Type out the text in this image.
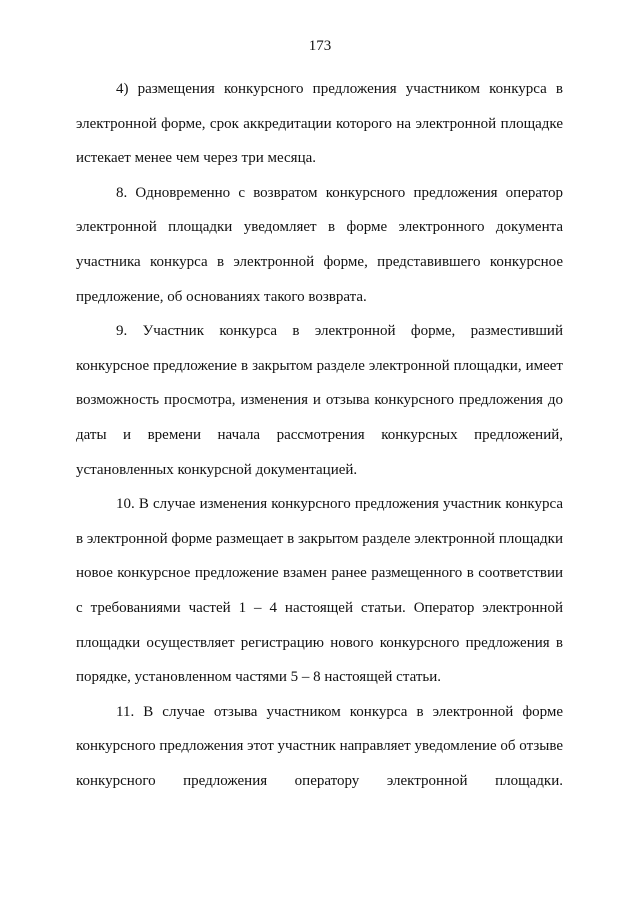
173

4) размещения конкурсного предложения участником конкурса в электронной форме, срок аккредитации которого на электронной площадке истекает менее чем через три месяца.

8. Одновременно с возвратом конкурсного предложения оператор электронной площадки уведомляет в форме электронного документа участника конкурса в электронной форме, представившего конкурсное предложение, об основаниях такого возврата.

9. Участник конкурса в электронной форме, разместивший конкурсное предложение в закрытом разделе электронной площадки, имеет возможность просмотра, изменения и отзыва конкурсного предложения до даты и времени начала рассмотрения конкурсных предложений, установленных конкурсной документацией.

10. В случае изменения конкурсного предложения участник конкурса в электронной форме размещает в закрытом разделе электронной площадки новое конкурсное предложение взамен ранее размещенного в соответствии с требованиями частей 1 – 4 настоящей статьи. Оператор электронной площадки осуществляет регистрацию нового конкурсного предложения в порядке, установленном частями 5 – 8 настоящей статьи.

11. В случае отзыва участником конкурса в электронной форме конкурсного предложения этот участник направляет уведомление об отзыве конкурсного предложения оператору электронной площадки.
